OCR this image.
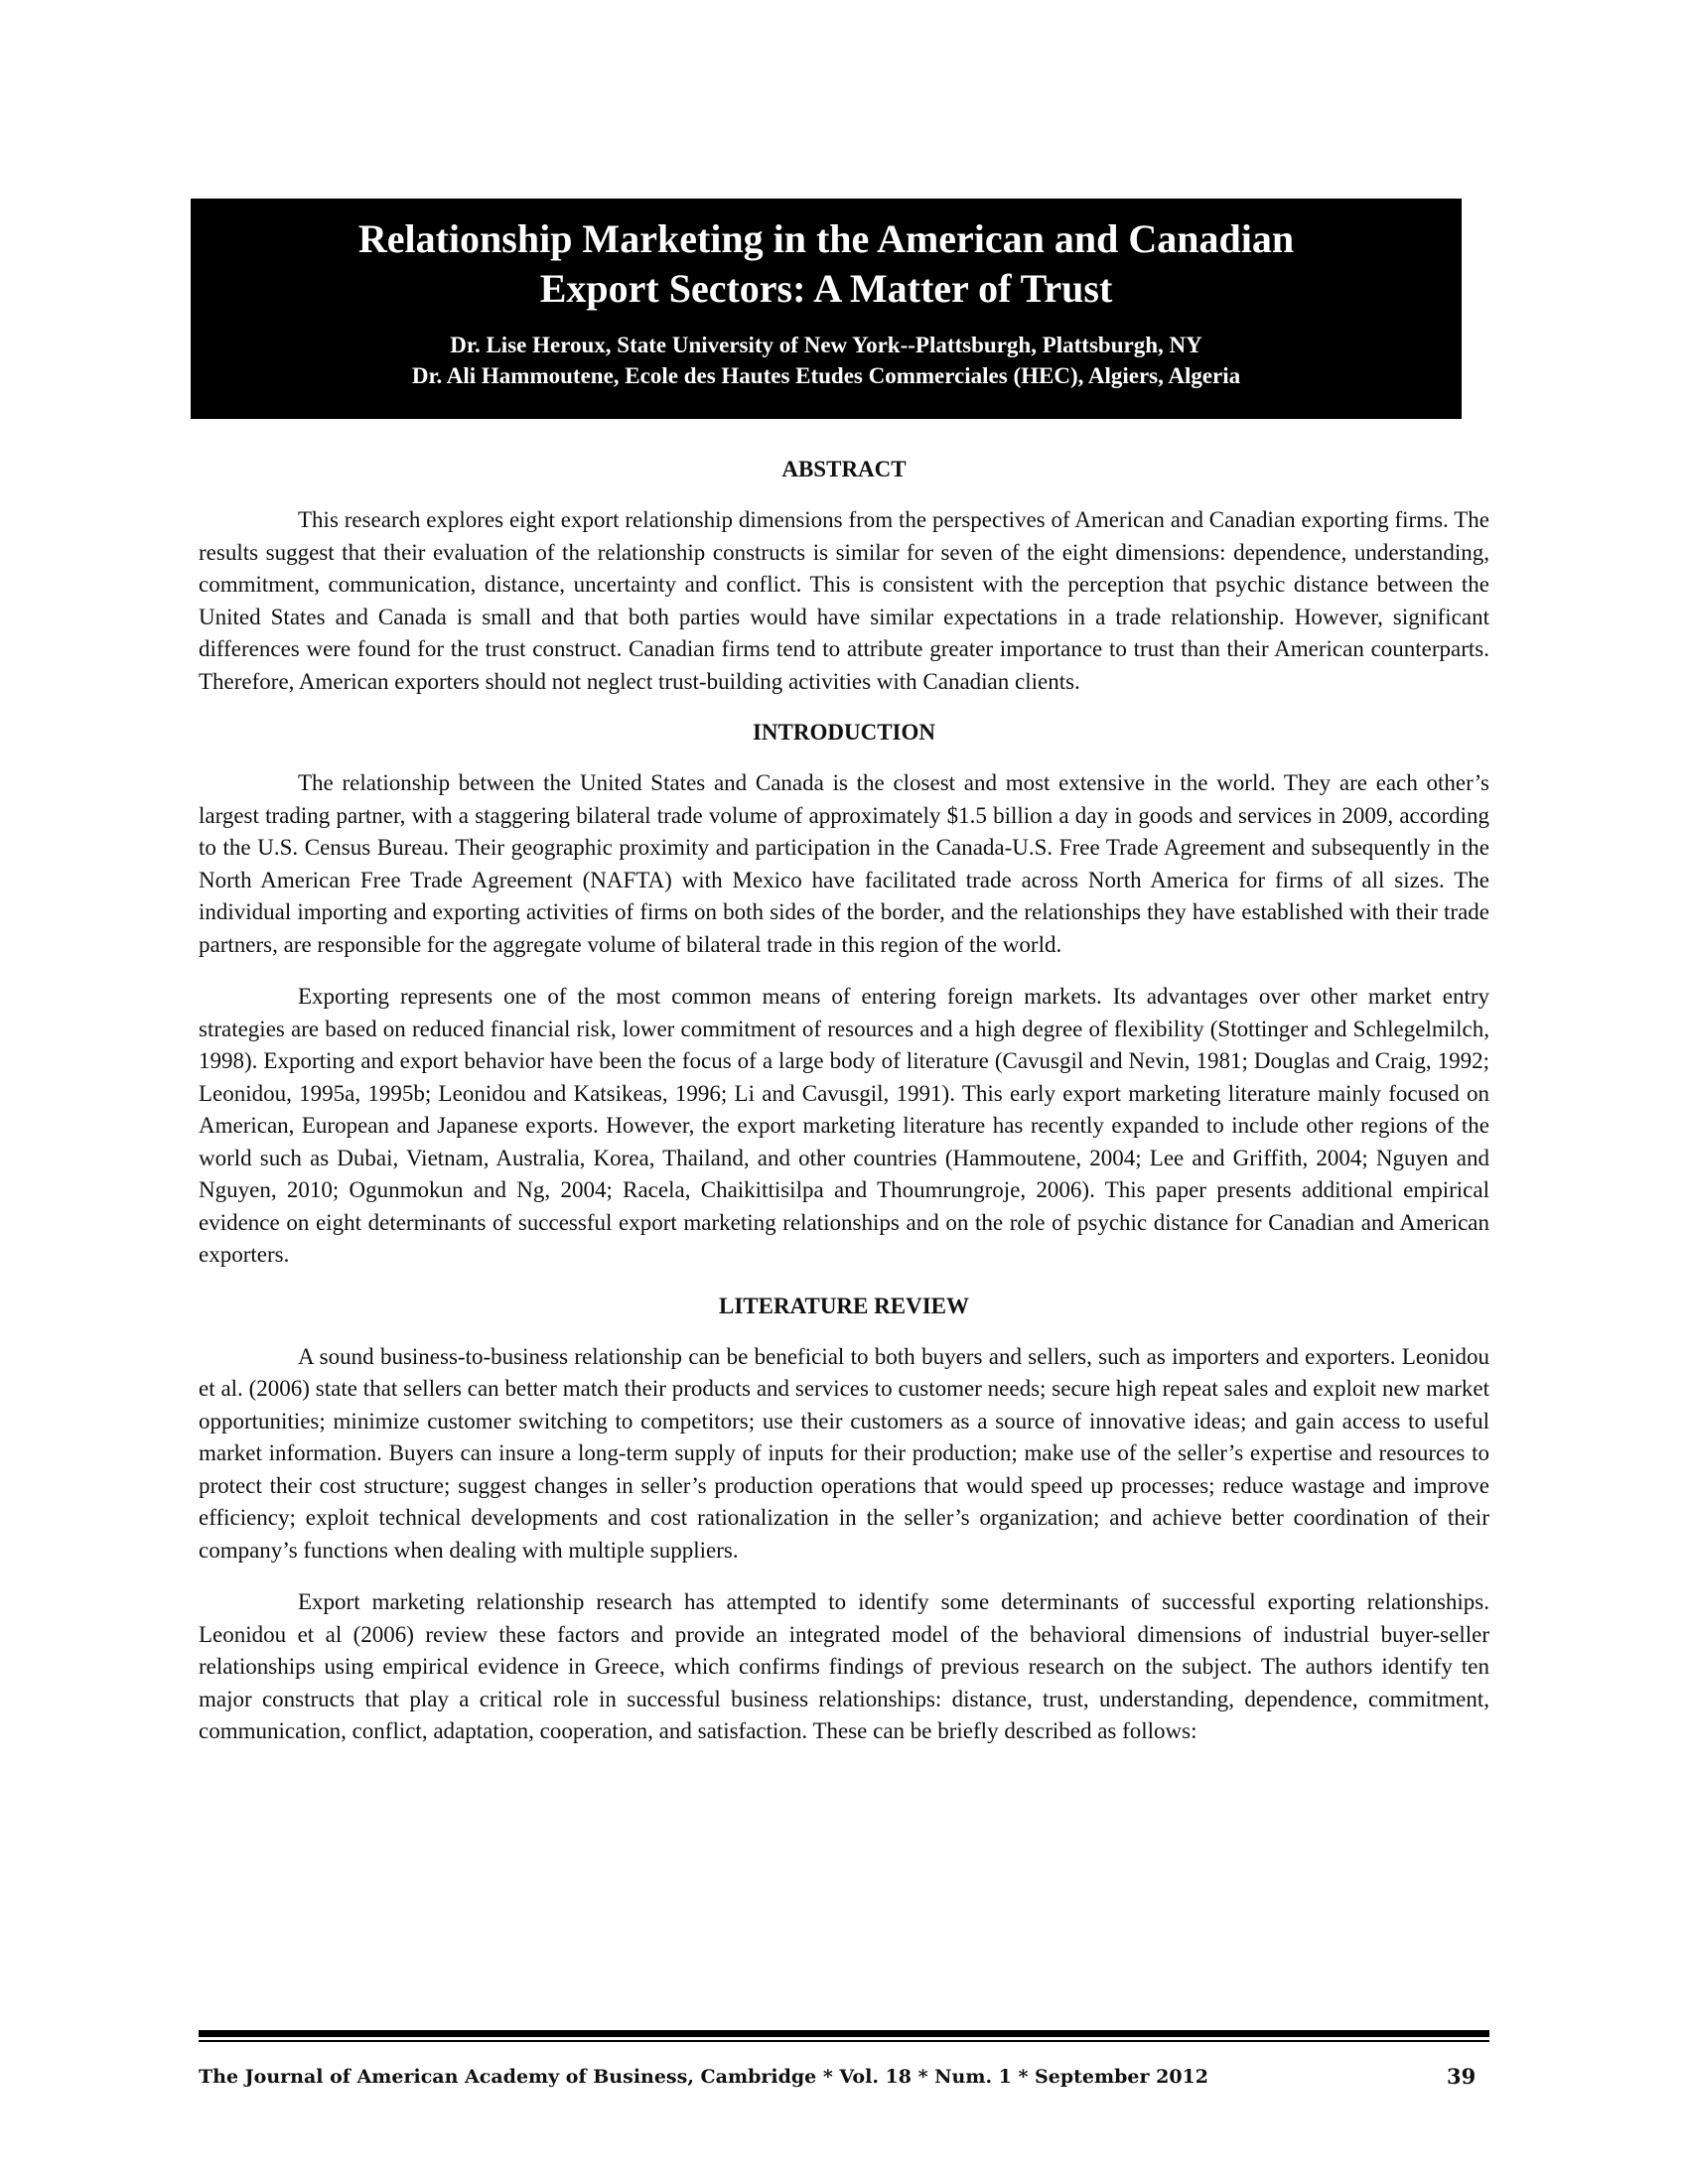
Relationship Marketing in the American and Canadian
Export Sectors: A Matter of Trust
Dr. Lise Heroux, State University of New York--Plattsburgh, Plattsburgh, NY
Dr. Ali Hammoutene, Ecole des Hautes Etudes Commerciales (HEC), Algiers, Algeria
ABSTRACT

This research explores eight export relationship dimensions from the perspectives of American and Canadian exporting firms. The results suggest that their evaluation of the relationship constructs is similar for seven of the eight dimensions: dependence, understanding, commitment, communication, distance, uncertainty and conflict. This is consistent with the perception that psychic distance between the United States and Canada is small and that both parties would have similar expectations in a trade relationship. However, significant differences were found for the trust construct. Canadian firms tend to attribute greater importance to trust than their American counterparts. Therefore, American exporters should not neglect trust-building activities with Canadian clients.

INTRODUCTION

The relationship between the United States and Canada is the closest and most extensive in the world. They are each other’s largest trading partner, with a staggering bilateral trade volume of approximately $1.5 billion a day in goods and services in 2009, according to the U.S. Census Bureau. Their geographic proximity and participation in the Canada-U.S. Free Trade Agreement and subsequently in the North American Free Trade Agreement (NAFTA) with Mexico have facilitated trade across North America for firms of all sizes. The individual importing and exporting activities of firms on both sides of the border, and the relationships they have established with their trade partners, are responsible for the aggregate volume of bilateral trade in this region of the world.

Exporting represents one of the most common means of entering foreign markets. Its advantages over other market entry strategies are based on reduced financial risk, lower commitment of resources and a high degree of flexibility (Stottinger and Schlegelmilch, 1998). Exporting and export behavior have been the focus of a large body of literature (Cavusgil and Nevin, 1981; Douglas and Craig, 1992; Leonidou, 1995a, 1995b; Leonidou and Katsikeas, 1996; Li and Cavusgil, 1991). This early export marketing literature mainly focused on American, European and Japanese exports. However, the export marketing literature has recently expanded to include other regions of the world such as Dubai, Vietnam, Australia, Korea, Thailand, and other countries (Hammoutene, 2004; Lee and Griffith, 2004; Nguyen and Nguyen, 2010; Ogunmokun and Ng, 2004; Racela, Chaikittisilpa and Thoumrungroje, 2006). This paper presents additional empirical evidence on eight determinants of successful export marketing relationships and on the role of psychic distance for Canadian and American exporters.

LITERATURE REVIEW

A sound business-to-business relationship can be beneficial to both buyers and sellers, such as importers and exporters. Leonidou et al. (2006) state that sellers can better match their products and services to customer needs; secure high repeat sales and exploit new market opportunities; minimize customer switching to competitors; use their customers as a source of innovative ideas; and gain access to useful market information. Buyers can insure a long-term supply of inputs for their production; make use of the seller’s expertise and resources to protect their cost structure; suggest changes in seller’s production operations that would speed up processes; reduce wastage and improve efficiency; exploit technical developments and cost rationalization in the seller’s organization; and achieve better coordination of their company’s functions when dealing with multiple suppliers.

Export marketing relationship research has attempted to identify some determinants of successful exporting relationships. Leonidou et al (2006) review these factors and provide an integrated model of the behavioral dimensions of industrial buyer-seller relationships using empirical evidence in Greece, which confirms findings of previous research on the subject. The authors identify ten major constructs that play a critical role in successful business relationships: distance, trust, understanding, dependence, commitment, communication, conflict, adaptation, cooperation, and satisfaction. These can be briefly described as follows:

The Journal of American Academy of Business, Cambridge * Vol. 18 * Num. 1 * September 2012	39
